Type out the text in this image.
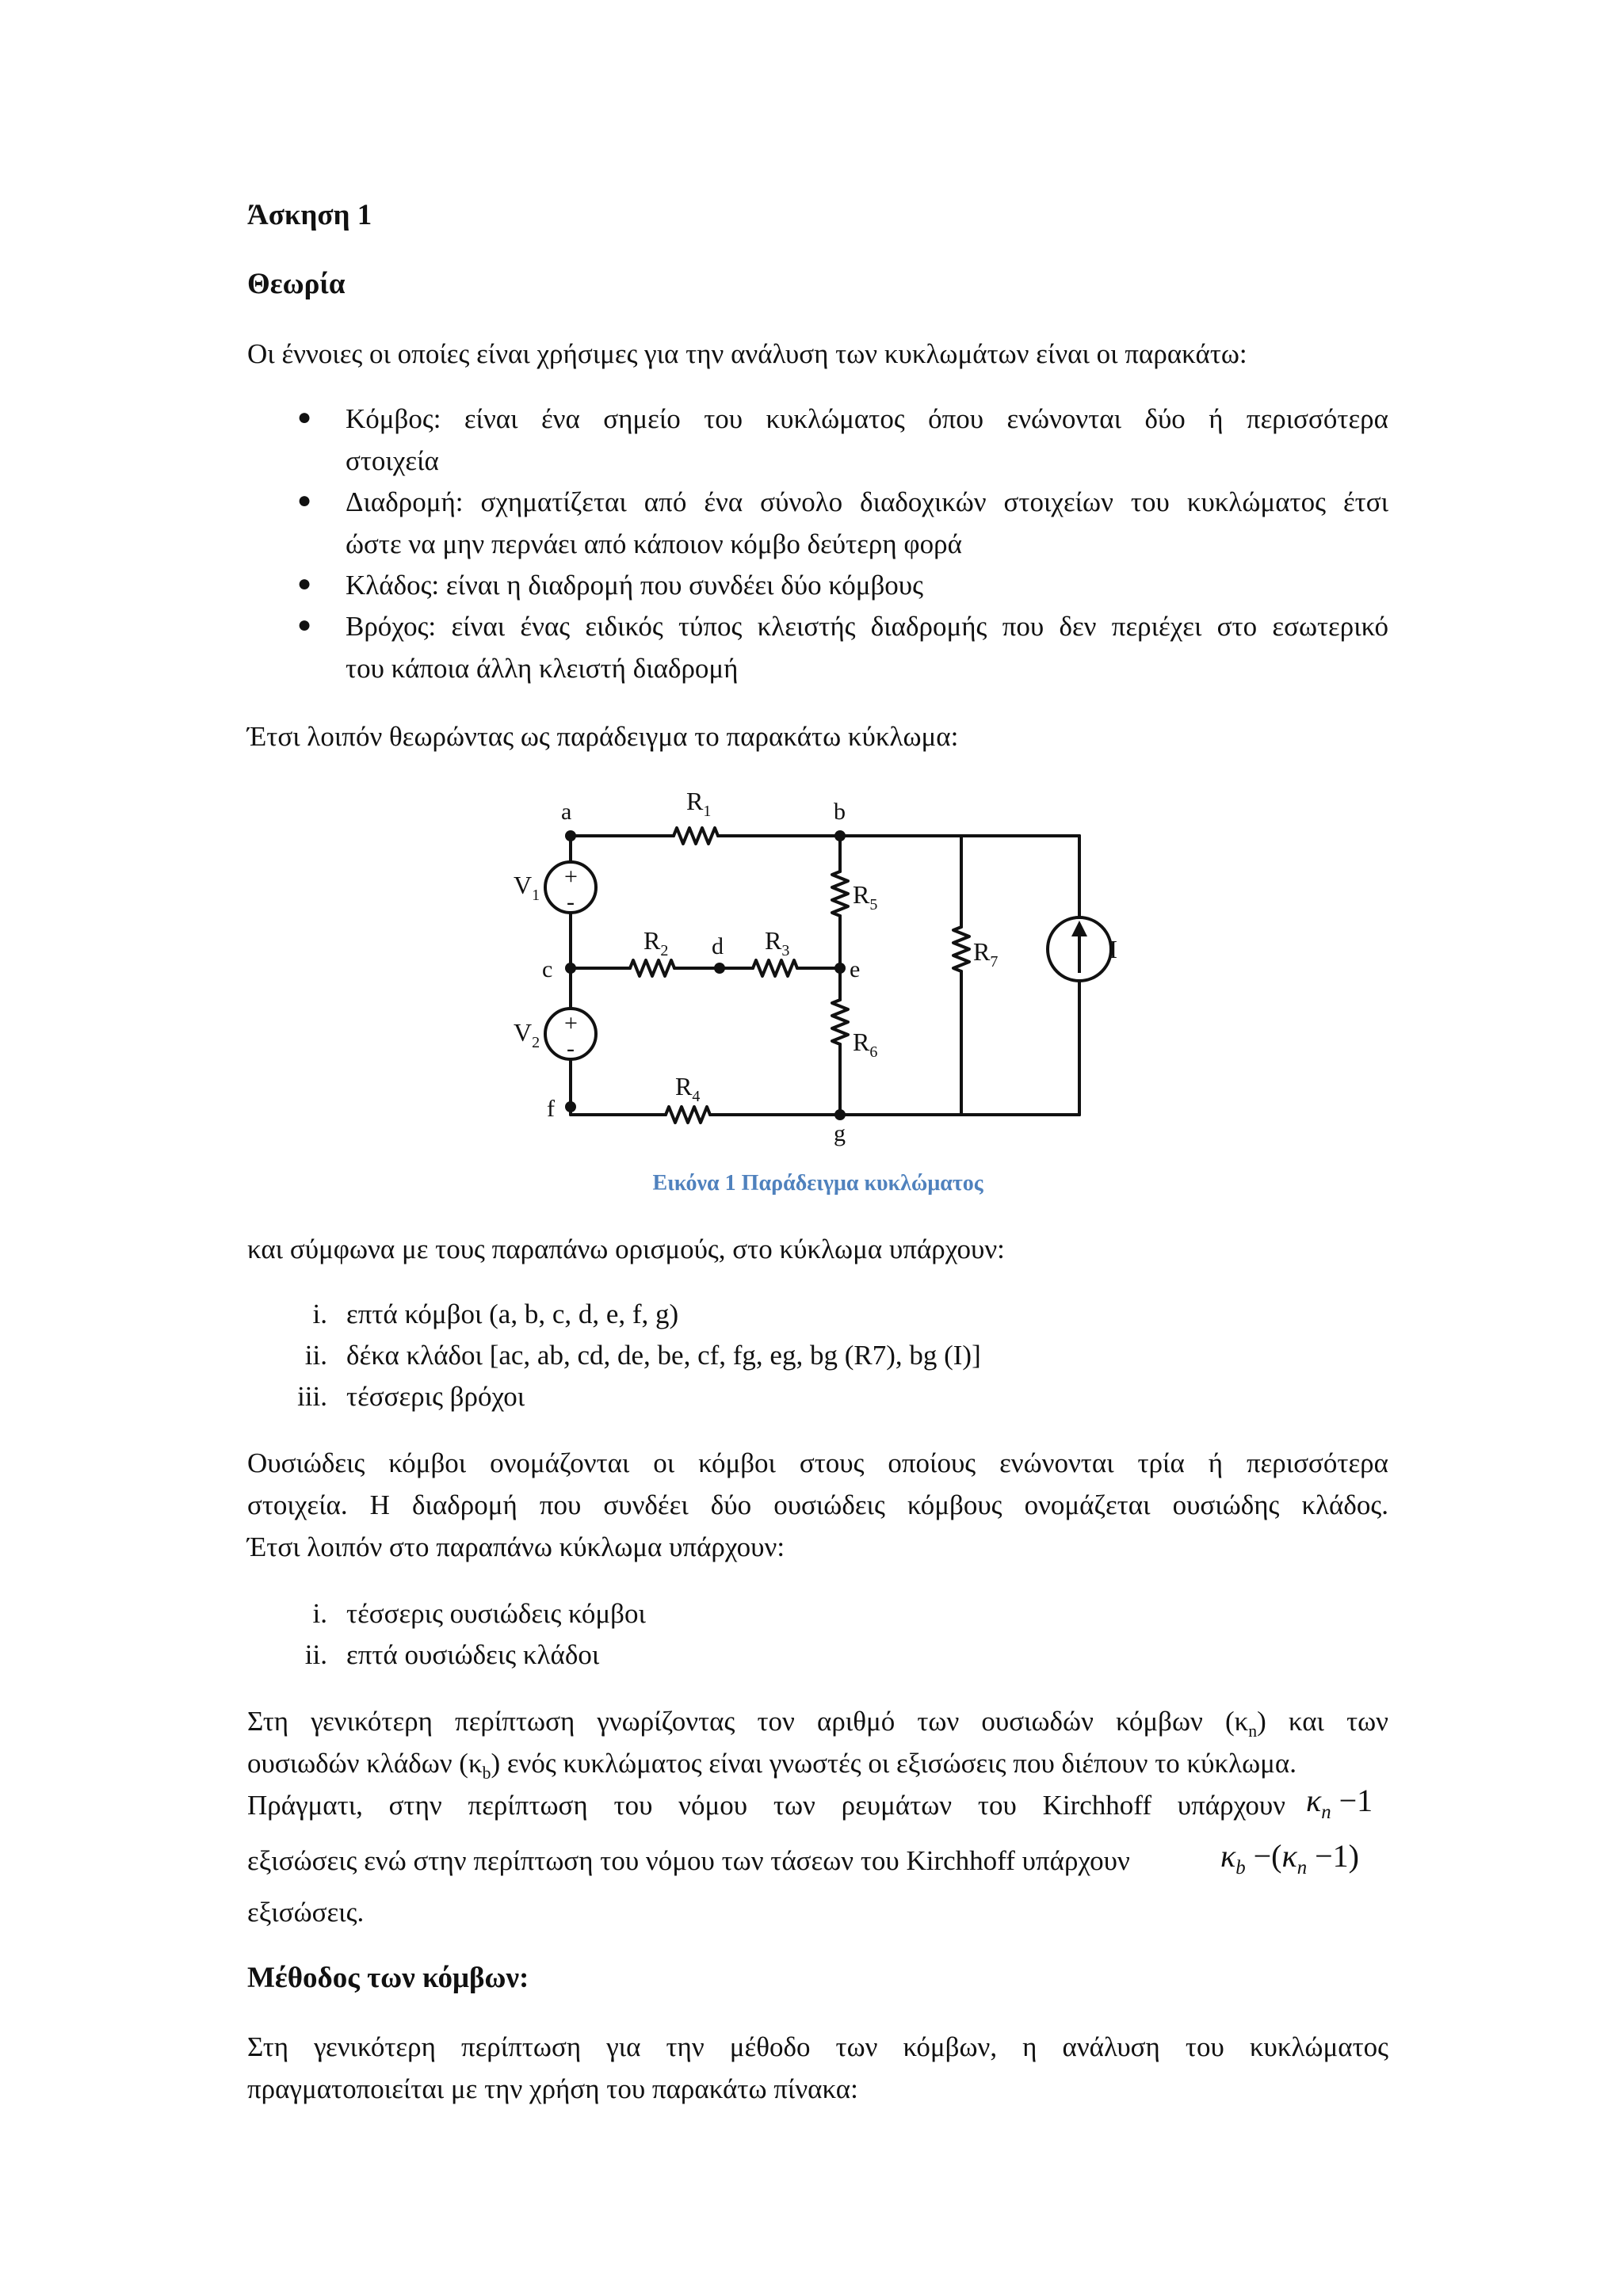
Άσκηση 1
Θεωρία
Οι έννοιες οι οποίες είναι χρήσιμες για την ανάλυση των κυκλωμάτων είναι οι παρακάτω:
● Κόμβος: είναι ένα σημείο του κυκλώματος όπου ενώνονται δύο ή περισσότερα
στοιχεία
● Διαδρομή: σχηματίζεται από ένα σύνολο διαδοχικών στοιχείων του κυκλώματος έτσι
ώστε να μην περνάει από κάποιον κόμβο δεύτερη φορά
● Κλάδος: είναι η διαδρομή που συνδέει δύο κόμβους
● Βρόχος: είναι ένας ειδικός τύπος κλειστής διαδρομής που δεν περιέχει στο εσωτερικό
του κάποια άλλη κλειστή διαδρομή
Έτσι λοιπόν θεωρώντας ως παράδειγμα το παρακάτω κύκλωμα:
+
-
+
-
a	b
c
d
e
f
g
$R_1$
$R_2$	$R_3$
$R_4$
$R_5$
$R_6$
$R_7$
$V_1$
$V_2$
I
Εικόνα 1 Παράδειγμα κυκλώματος
και σύμφωνα με τους παραπάνω ορισμούς, στο κύκλωμα υπάρχουν:
i. επτά κόμβοι (a, b, c, d, e, f, g)
ii. δέκα κλάδοι [ac, ab, cd, de, be, cf, fg, eg, bg (R7), bg (I)]
iii. τέσσερις βρόχοι
Ουσιώδεις κόμβοι ονομάζονται οι κόμβοι στους οποίους ενώνονται τρία ή περισσότερα
στοιχεία. Η διαδρομή που συνδέει δύο ουσιώδεις κόμβους ονομάζεται ουσιώδης κλάδος.
Έτσι λοιπόν στο παραπάνω κύκλωμα υπάρχουν:
i. τέσσερις ουσιώδεις κόμβοι
ii. επτά ουσιώδεις κλάδοι
Στη γενικότερη περίπτωση γνωρίζοντας τον αριθμό των ουσιωδών κόμβων $(\kappa_n)$ και των
ουσιωδών κλάδων $(\kappa_b)$ ενός κυκλώματος είναι γνωστές οι εξισώσεις που διέπουν το κύκλωμα.
Πράγματι, στην περίπτωση του νόμου των ρευμάτων του Kirchhoff υπάρχουν $\kappa_n -1$
εξισώσεις ενώ στην περίπτωση του νόμου των τάσεων του Kirchhoff υπάρχουν	$\kappa_b -(\kappa_n -1)$
εξισώσεις.
Μέθοδος των κόμβων:
Στη γενικότερη περίπτωση για την μέθοδο των κόμβων, η ανάλυση του κυκλώματος
πραγματοποιείται με την χρήση του παρακάτω πίνακα:
